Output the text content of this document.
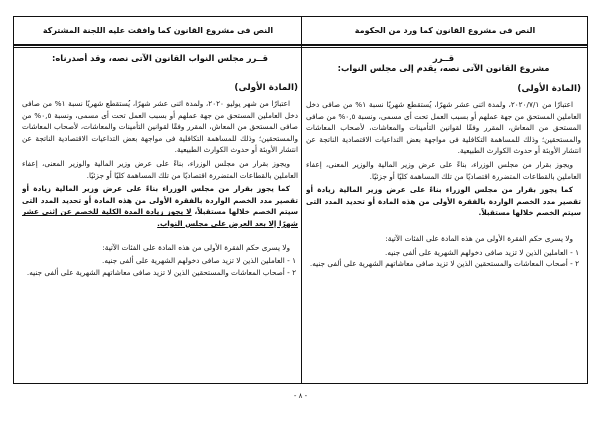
النص فى مشروع القانون كما ورد من الحكومة
النص فى مشروع القانون كما وافقت عليه اللجنة المشتركة

قــرر

مشروع القانون الآتى نصه، يقدم إلى مجلس النواب:

(المادة الأولى)

اعتبارًا من ۲۰۲۰/۷/۱، ولمدة اثنى عشر شهرًا، يُستقطع شهريًا نسبة ۱% من صافى دخل العاملين المستحق من جهة عملهم أو بسبب العمل تحت أى مسمى، ونسبة ٠,٥% من صافى المستحق من المعاش، المقرر وفقًا لقوانين التأمينات والمعاشات، لأصحاب المعاشات والمستحقين؛ وذلك للمساهمة التكافلية فى مواجهة بعض التداعيات الاقتصادية الناتجة عن انتشار الأوبئة أو حدوث الكوارث الطبيعية.

ويجوز بقرار من مجلس الوزراء، بناءً على عرض وزير المالية والوزير المعنى، إعفاء العاملين بالقطاعات المتضررة اقتصاديًا من تلك المساهمة كليًا أو جزئيًا.

كما يجوز بقرار من مجلس الوزراء بناءً على عرض وزير المالية زيادة أو تقصير مدد الخصم الواردة بالفقرة الأولى من هذه المادة أو تحديد المدد التى سيتم الخصم خلالها مستقبلاً.

ولا يسرى حكم الفقرة الأولى من هذه المادة على الفئات الآتية:

۱ - العاملين الذين لا تزيد صافى دخولهم الشهرية على ألفى جنيه.

۲ - أصحاب المعاشات والمستحقين الذين لا تزيد صافى معاشاتهم الشهرية على ألفى جنيه.

قــرر مجلس النواب القانون الآتى نصه، وقد أصدرناه:

(المادة الأولى)

اعتبارًا من شهر يوليو ۲۰۲۰، ولمدة اثنى عشر شهرًا، يُستقطع شهريًا نسبة ۱% من صافى دخل العاملين المستحق من جهة عملهم أو بسبب العمل تحت أى مسمى، ونسبة ٠,٥% من صافى المستحق من المعاش، المقرر وفقًا لقوانين التأمينات والمعاشات، لأصحاب المعاشات والمستحقين؛ وذلك للمساهمة التكافلية فى مواجهة بعض التداعيات الاقتصادية الناتجة عن انتشار الأوبئة أو حدوث الكوارث الطبيعية.

ويجوز بقرار من مجلس الوزراء، بناءً على عرض وزير المالية والوزير المعنى، إعفاء العاملين بالقطاعات المتضررة اقتصاديًا من تلك المساهمة كليًا أو جزئيًا.

كما يجوز بقرار من مجلس الوزراء بناءً على عرض وزير المالية زيادة أو تقصير مدد الخصم الواردة بالفقرة الأولى من هذه المادة أو تحديد المدد التى سيتم الخصم خلالها مستقبلاً، لا يجوز زيادة المدة الكلية للخصم عن إثنى عشر شهرًا إلا بعد العرض على مجلس النواب.

ولا يسرى حكم الفقرة الأولى من هذه المادة على الفئات الآتية:

۱ - العاملين الذين لا تزيد صافى دخولهم الشهرية على ألفى جنيه.

۲ - أصحاب المعاشات والمستحقين الذين لا تزيد صافى معاشاتهم الشهرية على ألفى جنيه.

- ۸ -
